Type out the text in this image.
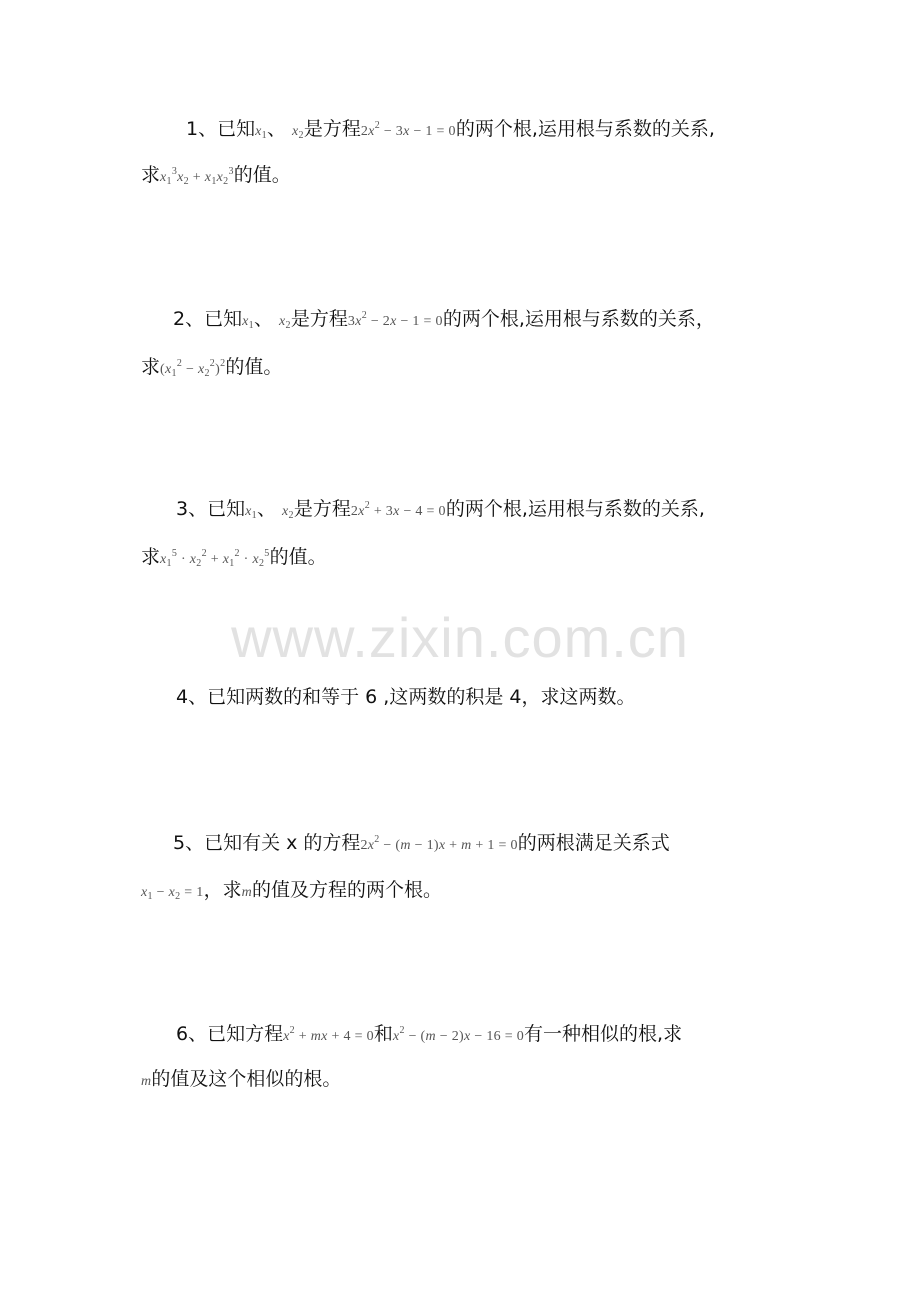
1、已知$x_1$、 $x_2$是方程$2x^2 - 3x - 1 = 0$的两个根,运用根与系数的关系,
求$x_1^3x_2 + x_1x_2^3$的值。
2、已知$x_1$、 $x_2$是方程$3x^2 - 2x - 1 = 0$的两个根,运用根与系数的关系，
求$(x_1^2 - x_2^2)^2$的值。
3、已知$x_1$、 $x_2$是方程$2x^2 + 3x - 4 = 0$的两个根,运用根与系数的关系,
求$x_1^5 \cdot x_2^2 + x_1^2 \cdot x_2^5$的值。
www.zixin.com.cn
4、已知两数的和等于 6 ,这两数的积是 4，求这两数。
5、已知有关 x 的方程$2x^2 - (m - 1)x + m + 1 = 0$的两根满足关系式
$x_1 - x_2 = 1$，求m的值及方程的两个根。
6、已知方程$x^2$ + mx + 4 = 0和$x^2 - (m - 2)x - 16 = 0$有一种相似的根,求
m的值及这个相似的根。
